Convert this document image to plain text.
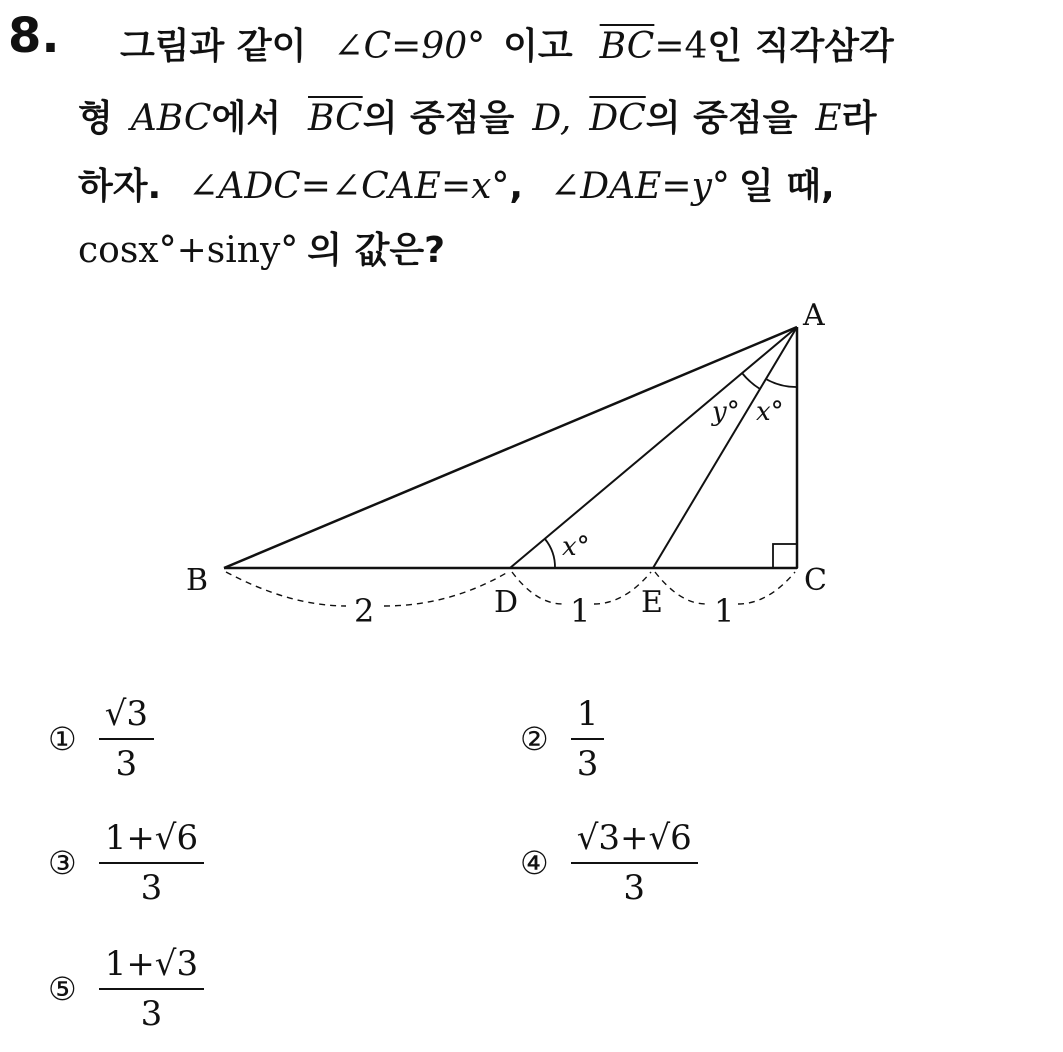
8. 그림과 같이 ∠C=90° 이고 $\overline{BC}=4$인 직각삼각
형 ABC에서 $\overline{BC}$의 중점을 D, $\overline{DC}$의 중점을 E라
하자. ∠ADC=∠CAE=x°, ∠DAE=y° 일 때,
cosx°+siny° 의 값은?
A
B	C
D	E
2	1	1
x°
y° x°
① $\frac{√3}{3}$	② $\frac{1}{3}$
③ $\frac{1+√6}{3}$	④ $\frac{√3+√6}{3}$
⑤ $\frac{1+√3}{3}$
